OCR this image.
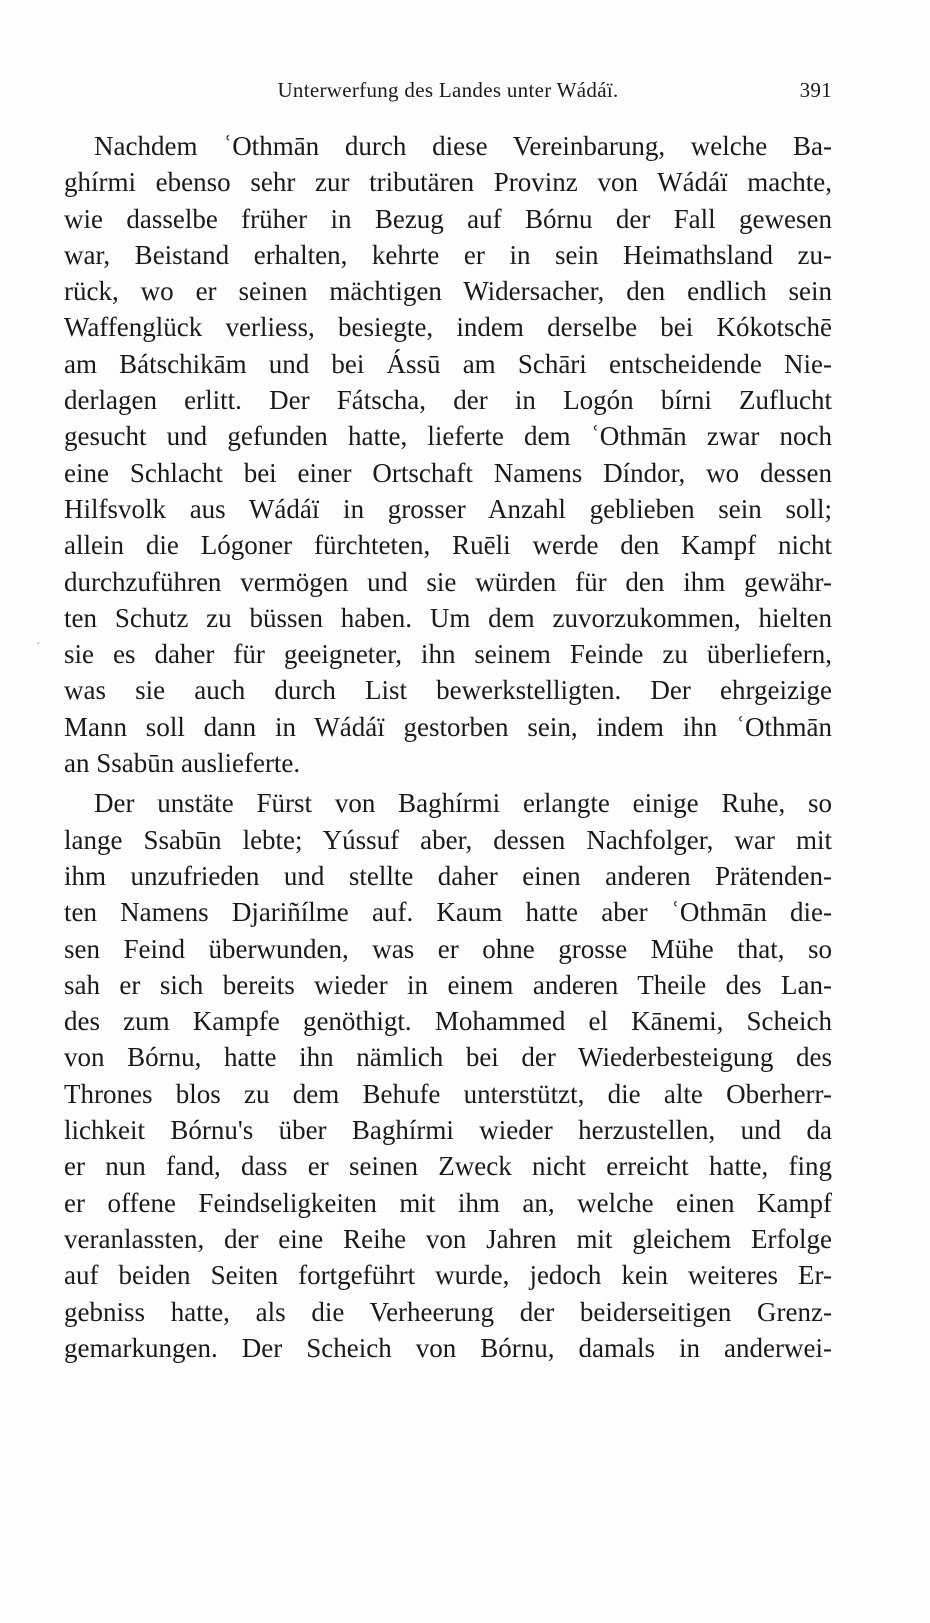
Unterwerfung des Landes unter Wádáï.	391
·
Nachdem ʿOthmān durch diese Vereinbarung, welche Ba-
ghírmi ebenso sehr zur tributären Provinz von Wádáï machte,
wie dasselbe früher in Bezug auf Bórnu der Fall gewesen
war, Beistand erhalten, kehrte er in sein Heimathsland zu-
rück, wo er seinen mächtigen Widersacher, den endlich sein
Waffenglück verliess, besiegte, indem derselbe bei Kókotschē
am Bátschikām und bei Ássū am Schāri entscheidende Nie-
derlagen erlitt. Der Fátscha, der in Logón bírni Zuflucht
gesucht und gefunden hatte, lieferte dem ʿOthmān zwar noch
eine Schlacht bei einer Ortschaft Namens Díndor, wo dessen
Hilfsvolk aus Wádáï in grosser Anzahl geblieben sein soll;
allein die Lógoner fürchteten, Ruēli werde den Kampf nicht
durchzuführen vermögen und sie würden für den ihm gewähr-
ten Schutz zu büssen haben. Um dem zuvorzukommen, hielten
sie es daher für geeigneter, ihn seinem Feinde zu überliefern,
was sie auch durch List bewerkstelligten. Der ehrgeizige
Mann soll dann in Wádáï gestorben sein, indem ihn ʿOthmān
an Ssabūn auslieferte.
Der unstäte Fürst von Baghírmi erlangte einige Ruhe, so
lange Ssabūn lebte; Yússuf aber, dessen Nachfolger, war mit
ihm unzufrieden und stellte daher einen anderen Prätenden-
ten Namens Djariñílme auf. Kaum hatte aber ʿOthmān die-
sen Feind überwunden, was er ohne grosse Mühe that, so
sah er sich bereits wieder in einem anderen Theile des Lan-
des zum Kampfe genöthigt. Mohammed el Kānemi, Scheich
von Bórnu, hatte ihn nämlich bei der Wiederbesteigung des
Thrones blos zu dem Behufe unterstützt, die alte Oberherr-
lichkeit Bórnu's über Baghírmi wieder herzustellen, und da
er nun fand, dass er seinen Zweck nicht erreicht hatte, fing
er offene Feindseligkeiten mit ihm an, welche einen Kampf
veranlassten, der eine Reihe von Jahren mit gleichem Erfolge
auf beiden Seiten fortgeführt wurde, jedoch kein weiteres Er-
gebniss hatte, als die Verheerung der beiderseitigen Grenz-
gemarkungen. Der Scheich von Bórnu, damals in anderwei-
